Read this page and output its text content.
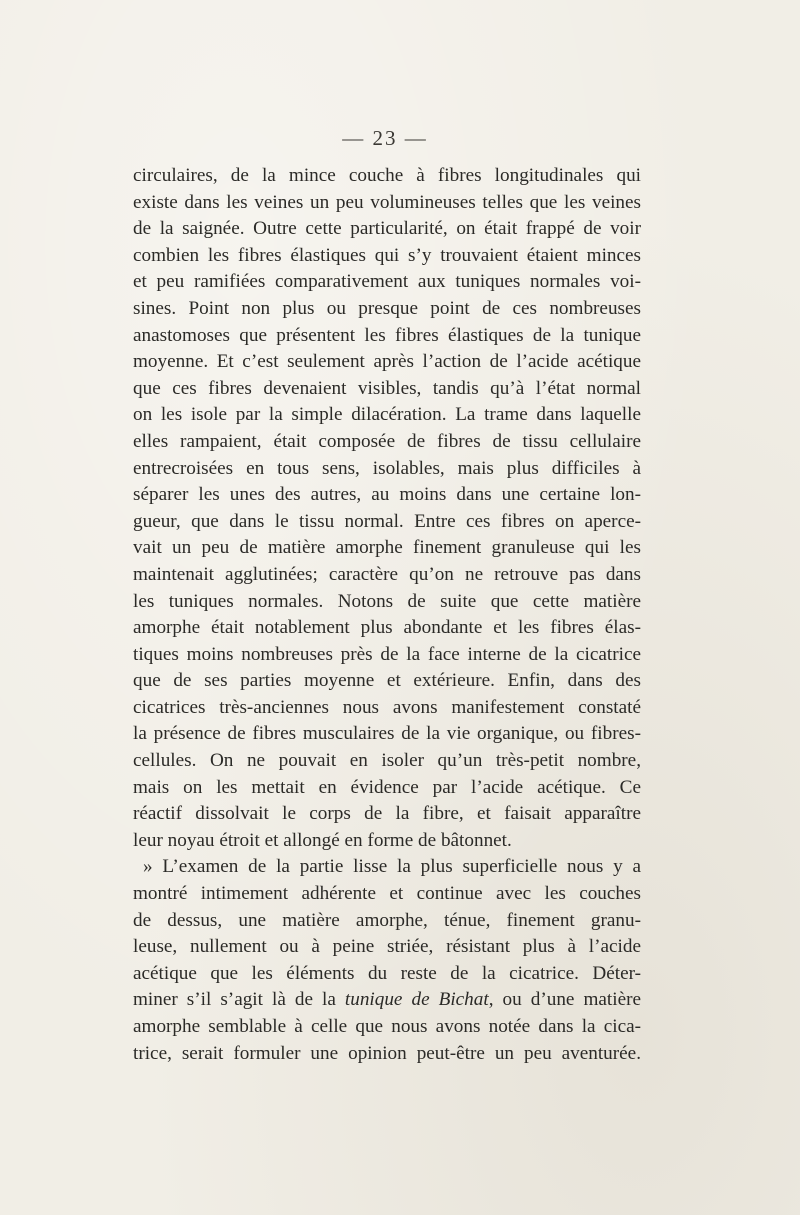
— 23 —
circulaires, de la mince couche à fibres longitudinales qui
existe dans les veines un peu volumineuses telles que les veines
de la saignée. Outre cette particularité, on était frappé de voir
combien les fibres élastiques qui s’y trouvaient étaient minces
et peu ramifiées comparativement aux tuniques normales voi-
sines. Point non plus ou presque point de ces nombreuses
anastomoses que présentent les fibres élastiques de la tunique
moyenne. Et c’est seulement après l’action de l’acide acétique
que ces fibres devenaient visibles, tandis qu’à l’état normal
on les isole par la simple dilacération. La trame dans laquelle
elles rampaient, était composée de fibres de tissu cellulaire
entrecroisées en tous sens, isolables, mais plus difficiles à
séparer les unes des autres, au moins dans une certaine lon-
gueur, que dans le tissu normal. Entre ces fibres on aperce-
vait un peu de matière amorphe finement granuleuse qui les
maintenait agglutinées; caractère qu’on ne retrouve pas dans
les tuniques normales. Notons de suite que cette matière
amorphe était notablement plus abondante et les fibres élas-
tiques moins nombreuses près de la face interne de la cicatrice
que de ses parties moyenne et extérieure. Enfin, dans des
cicatrices très-anciennes nous avons manifestement constaté
la présence de fibres musculaires de la vie organique, ou fibres-
cellules. On ne pouvait en isoler qu’un très-petit nombre,
mais on les mettait en évidence par l’acide acétique. Ce
réactif dissolvait le corps de la fibre, et faisait apparaître
leur noyau étroit et allongé en forme de bâtonnet.
» L’examen de la partie lisse la plus superficielle nous y a
montré intimement adhérente et continue avec les couches
de dessus, une matière amorphe, ténue, finement granu-
leuse, nullement ou à peine striée, résistant plus à l’acide
acétique que les éléments du reste de la cicatrice. Déter-
miner s’il s’agit là de la tunique de Bichat, ou d’une matière
amorphe semblable à celle que nous avons notée dans la cica-
trice, serait formuler une opinion peut-être un peu aventurée.
